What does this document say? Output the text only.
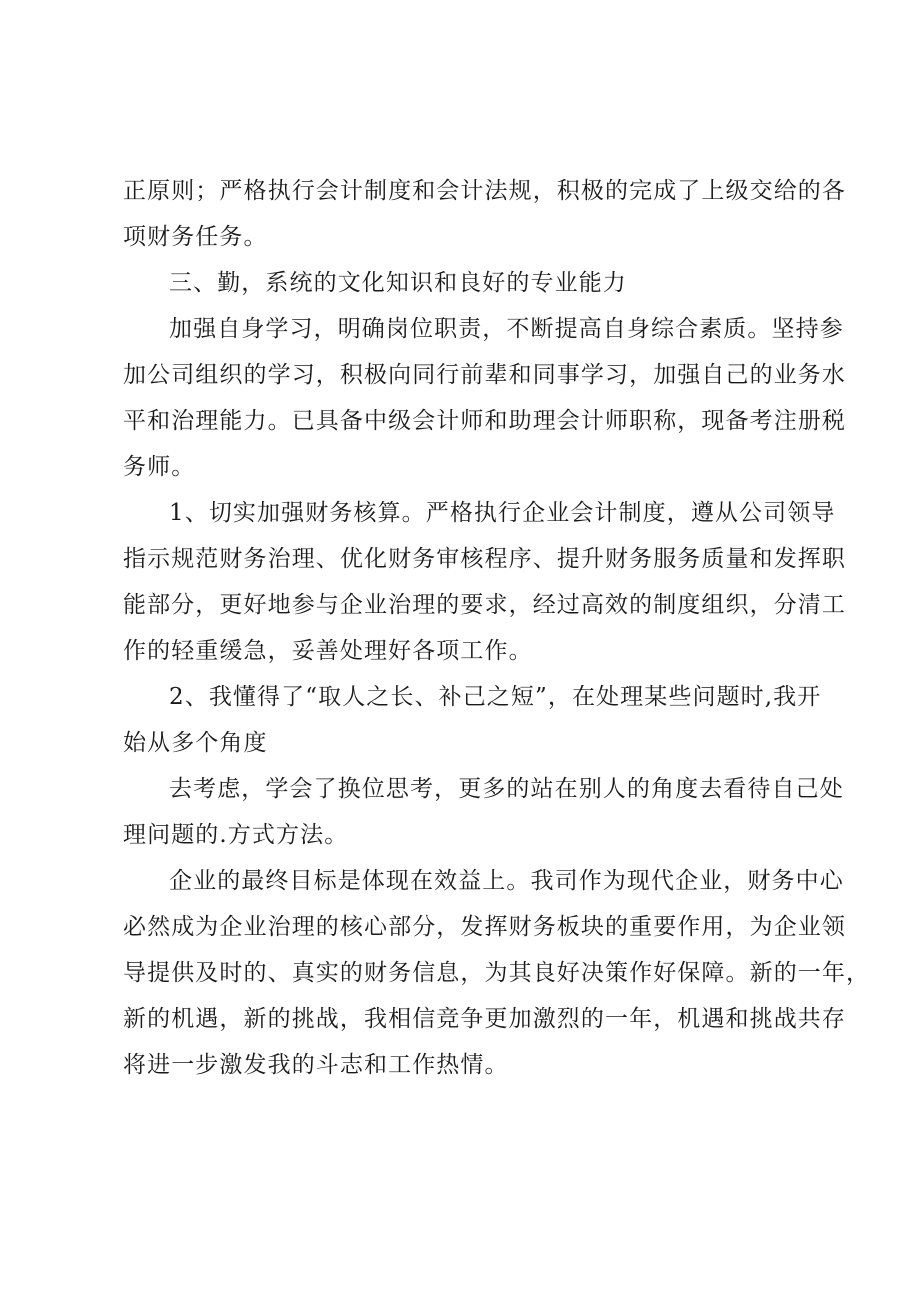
正原则；严格执行会计制度和会计法规，积极的完成了上级交给的各
项财务任务。
三、勤，系统的文化知识和良好的专业能力
加强自身学习，明确岗位职责，不断提高自身综合素质。坚持参
加公司组织的学习，积极向同行前辈和同事学习，加强自己的业务水
平和治理能力。已具备中级会计师和助理会计师职称，现备考注册税
务师。
1、切实加强财务核算。严格执行企业会计制度，遵从公司领导
指示规范财务治理、优化财务审核程序、提升财务服务质量和发挥职
能部分，更好地参与企业治理的要求，经过高效的制度组织，分清工
作的轻重缓急，妥善处理好各项工作。
2、我懂得了“取人之长、补己之短”，在处理某些问题时,我开
始从多个角度
去考虑，学会了换位思考，更多的站在别人的角度去看待自己处
理问题的.方式方法。
企业的最终目标是体现在效益上。我司作为现代企业，财务中心
必然成为企业治理的核心部分，发挥财务板块的重要作用，为企业领
导提供及时的、真实的财务信息，为其良好决策作好保障。新的一年，
新的机遇，新的挑战，我相信竞争更加激烈的一年，机遇和挑战共存
将进一步激发我的斗志和工作热情。
